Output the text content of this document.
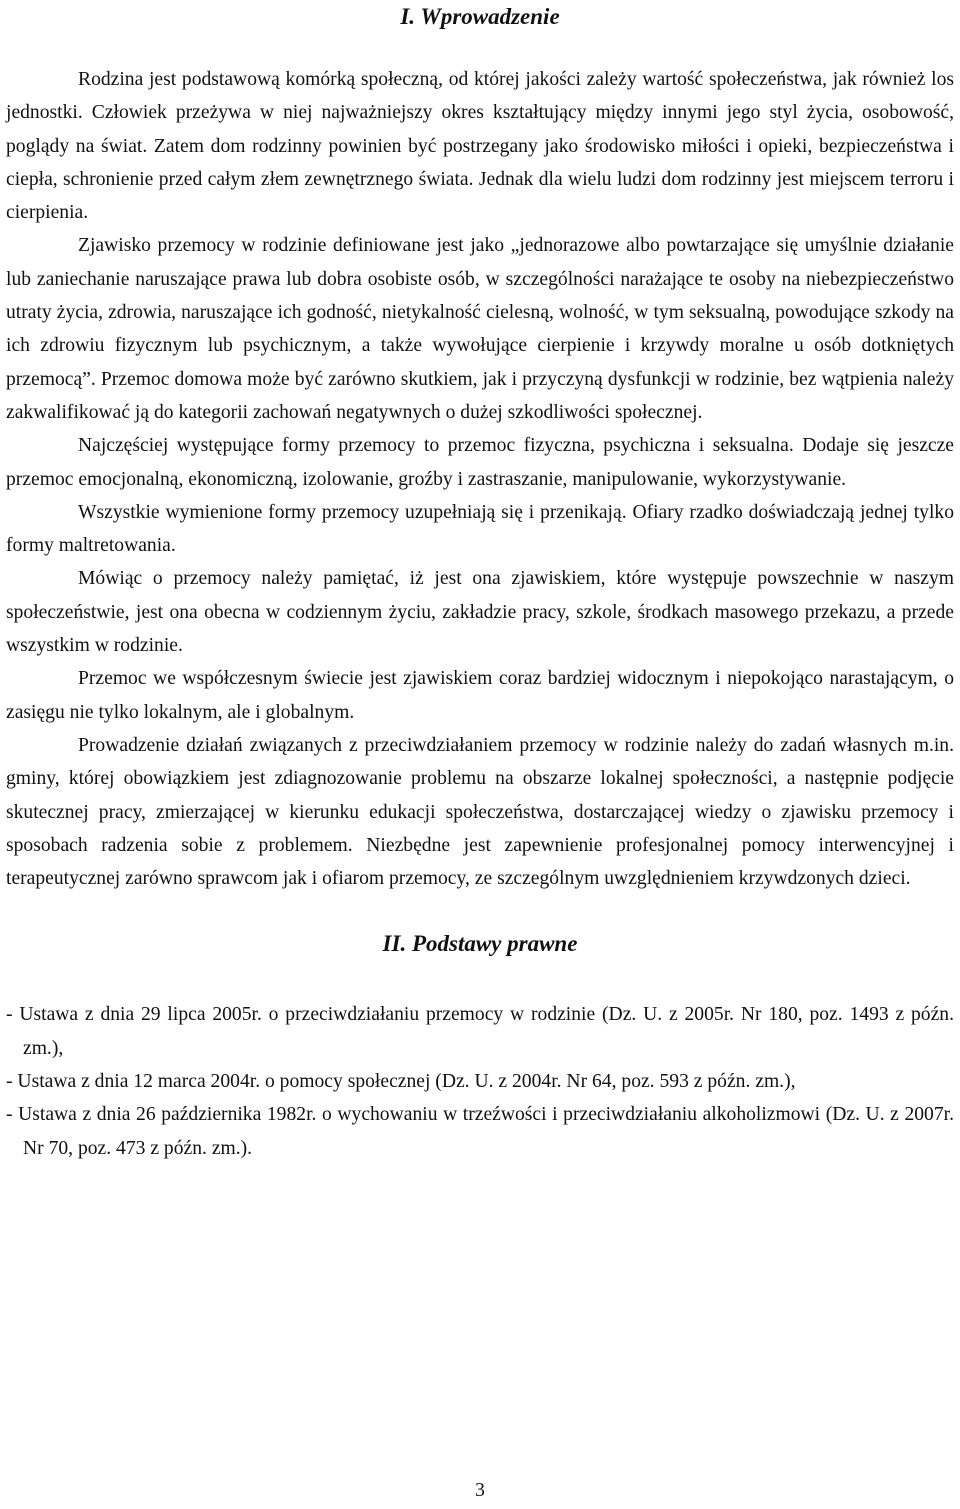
I. Wprowadzenie

Rodzina jest podstawową komórką społeczną, od której jakości zależy wartość społeczeństwa, jak również los jednostki. Człowiek przeżywa w niej najważniejszy okres kształtujący między innymi jego styl życia, osobowość, poglądy na świat. Zatem dom rodzinny powinien być postrzegany jako środowisko miłości i opieki, bezpieczeństwa i ciepła, schronienie przed całym złem zewnętrznego świata. Jednak dla wielu ludzi dom rodzinny jest miejscem terroru i cierpienia.

Zjawisko przemocy w rodzinie definiowane jest jako „jednorazowe albo powtarzające się umyślnie działanie lub zaniechanie naruszające prawa lub dobra osobiste osób, w szczególności narażające te osoby na niebezpieczeństwo utraty życia, zdrowia, naruszające ich godność, nietykalność cielesną, wolność, w tym seksualną, powodujące szkody na ich zdrowiu fizycznym lub psychicznym, a także wywołujące cierpienie i krzywdy moralne u osób dotkniętych przemocą”. Przemoc domowa może być zarówno skutkiem, jak i przyczyną dysfunkcji w rodzinie, bez wątpienia należy zakwalifikować ją do kategorii zachowań negatywnych o dużej szkodliwości społecznej.

Najczęściej występujące formy przemocy to przemoc fizyczna, psychiczna i seksualna. Dodaje się jeszcze przemoc emocjonalną, ekonomiczną, izolowanie, groźby i zastraszanie, manipulowanie, wykorzystywanie.

Wszystkie wymienione formy przemocy uzupełniają się i przenikają. Ofiary rzadko doświadczają jednej tylko formy maltretowania.

Mówiąc o przemocy należy pamiętać, iż jest ona zjawiskiem, które występuje powszechnie w naszym społeczeństwie, jest ona obecna w codziennym życiu, zakładzie pracy, szkole, środkach masowego przekazu, a przede wszystkim w rodzinie.

Przemoc we współczesnym świecie jest zjawiskiem coraz bardziej widocznym i niepokojąco narastającym, o zasięgu nie tylko lokalnym, ale i globalnym.

Prowadzenie działań związanych z przeciwdziałaniem przemocy w rodzinie należy do zadań własnych m.in. gminy, której obowiązkiem jest zdiagnozowanie problemu na obszarze lokalnej społeczności, a następnie podjęcie skutecznej pracy, zmierzającej w kierunku edukacji społeczeństwa, dostarczającej wiedzy o zjawisku przemocy i sposobach radzenia sobie z problemem. Niezbędne jest zapewnienie profesjonalnej pomocy interwencyjnej i terapeutycznej zarówno sprawcom jak i ofiarom przemocy, ze szczególnym uwzględnieniem krzywdzonych dzieci.

II. Podstawy prawne
- Ustawa z dnia 29 lipca 2005r. o przeciwdziałaniu przemocy w rodzinie (Dz. U. z 2005r. Nr 180, poz. 1493 z późn. zm.),
- Ustawa z dnia 12 marca 2004r. o pomocy społecznej (Dz. U. z 2004r. Nr 64, poz. 593 z późn. zm.),
- Ustawa z dnia 26 października 1982r. o wychowaniu w trzeźwości i przeciwdziałaniu alkoholizmowi (Dz. U. z 2007r. Nr 70, poz. 473 z późn. zm.).
3
